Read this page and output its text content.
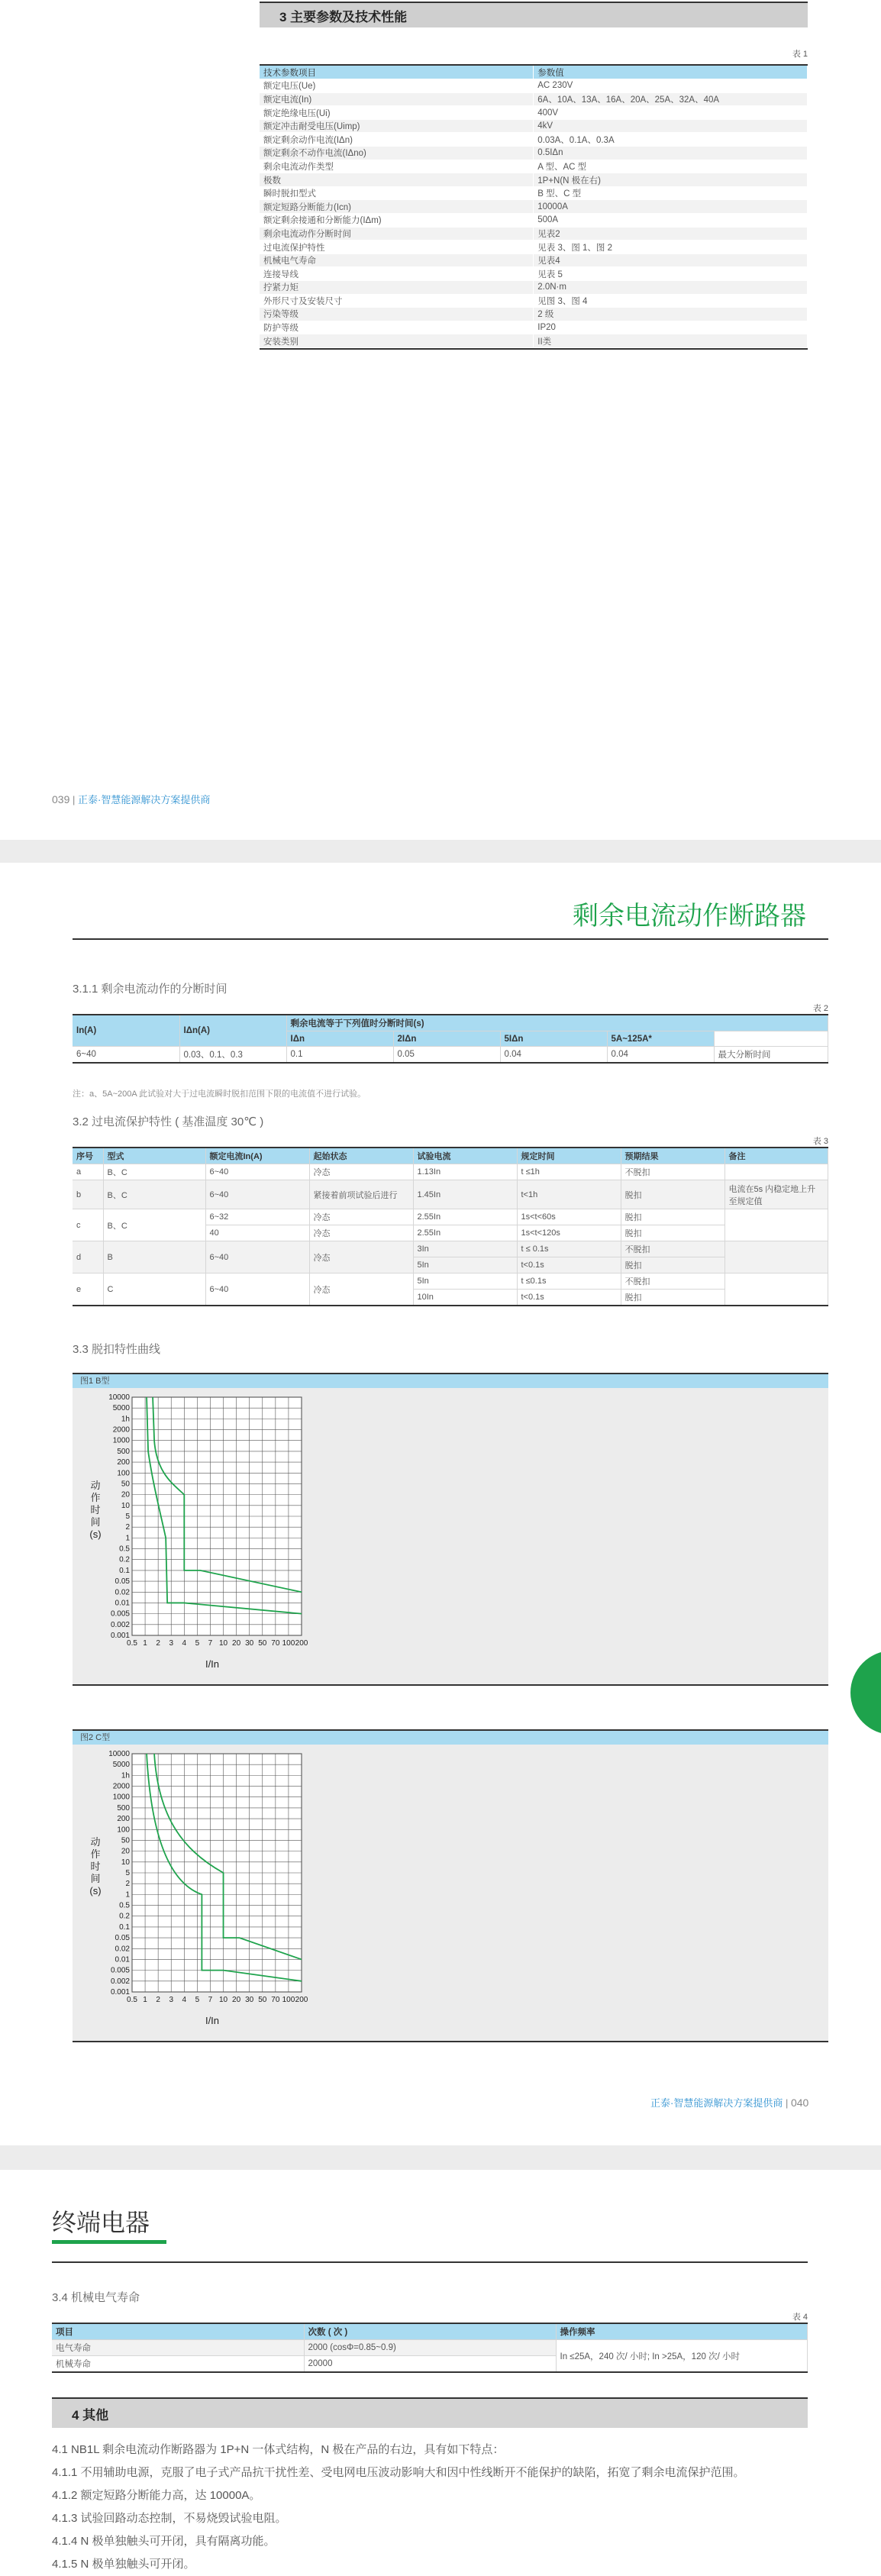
3 主要参数及技术性能
表 1
技术参数项目	参数值
额定电压(Ue)	AC 230V
额定电流(In)	6A、10A、13A、16A、20A、25A、32A、40A
额定绝缘电压(Ui)	400V
额定冲击耐受电压(Uimp)	4kV
额定剩余动作电流(IΔn)	0.03A、0.1A、0.3A
额定剩余不动作电流(IΔno)	0.5IΔn
剩余电流动作类型	A 型、AC 型
极数	1P+N(N 极在右)
瞬时脱扣型式	B 型、C 型
额定短路分断能力(Icn)	10000A
额定剩余接通和分断能力(IΔm)	500A
剩余电流动作分断时间	见表2
过电流保护特性	见表 3、图 1、图 2
机械电气寿命	见表4
连接导线	见表 5
拧紧力矩	2.0N·m
外形尺寸及安装尺寸	见图 3、图 4
污染等级	2 级
防护等级	IP20
安装类别	II类
039 | 正泰·智慧能源解决方案提供商
剩余电流动作断路器
3.1.1 剩余电流动作的分断时间
表 2
In(A)	IΔn(A)	剩余电流等于下列值时分断时间(s)				
		IΔn	2IΔn	5IΔn	5A~125A*	
6~40	0.03、0.1、0.3	0.1	0.05	0.04	0.04	最大分断时间
注：a、5A~200A 此试验对大于过电流瞬时脱扣范围下限的电流值不进行试验。
3.2 过电流保护特性 ( 基准温度 30℃ )
表 3
序号	型式	额定电流In(A)	起始状态	试验电流	规定时间	预期结果	备注
a	B、C	6~40	冷态	1.13In	t ≤1h	不脱扣	
b	B、C	6~40	紧接着前项试验后进行	1.45In	t<1h	脱扣	电流在5s 内稳定地上升至规定值
c	B、C	6~32	冷态	2.55In	1s<t<60s	脱扣	
		40	冷态	2.55In	1s<t<120s	脱扣	
d	B	6~40	冷态	3In	t ≤ 0.1s	不脱扣	
				5In	t<0.1s	脱扣	
e	C	6~40	冷态	5In	t ≤0.1s	不脱扣	
				10In	t<0.1s	脱扣	
3.3 脱扣特性曲线
图1 B型
10000
5000
1h
2000
1000
500
200
100
50
20
10
5
2
1
0.5
0.2
0.1
0.05
0.02
0.01
0.005
0.002
0.001
0.5 1 2 3 4 5 7 10 20 30 50 70 100 200
动
作
时
间
(s)
I/In
图2 C型
10000
5000
1h
2000
1000
500
200
100
50
20
10
5
2
1
0.5
0.2
0.1
0.05
0.02
0.01
0.005
0.002
0.001
0.5 1 2 3 4 5 7 10 20 30 50 70 100 200
动
作
时
间
(s)
I/In
正泰·智慧能源解决方案提供商 | 040
终端电器
3.4 机械电气寿命
表 4
项目	次数 ( 次 )	操作频率
电气寿命	2000 (cosΦ=0.85~0.9)	In ≤25A，240 次/ 小时; In >25A，120 次/ 小时
机械寿命	20000	
4 其他
4.1 NB1L 剩余电流动作断路器为 1P+N 一体式结构，N 极在产品的右边，具有如下特点：
4.1.1 不用辅助电源，克服了电子式产品抗干扰性差、受电网电压波动影响大和因中性线断开不能保护的缺陷，拓宽了剩余电流保护范围。
4.1.2 额定短路分断能力高，达 10000A。
4.1.3 试验回路动态控制，不易烧毁试验电阻。
4.1.4 N 极单独触头可开闭，具有隔离功能。
4.1.5 N 极单独触头可开闭。
